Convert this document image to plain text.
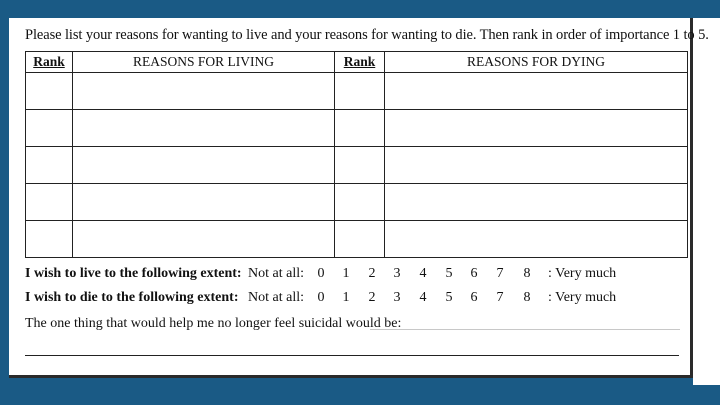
Please list your reasons for wanting to live and your reasons for wanting to die. Then rank in order of importance 1 to 5.
Rank	REASONS FOR LIVING	Rank	REASONS FOR DYING

I wish to live to the following extent: Not at all: 0 1 2 3 4 5 6 7 8 : Very much
I wish to die to the following extent: Not at all: 0 1 2 3 4 5 6 7 8 : Very much
The one thing that would help me no longer feel suicidal would be:
